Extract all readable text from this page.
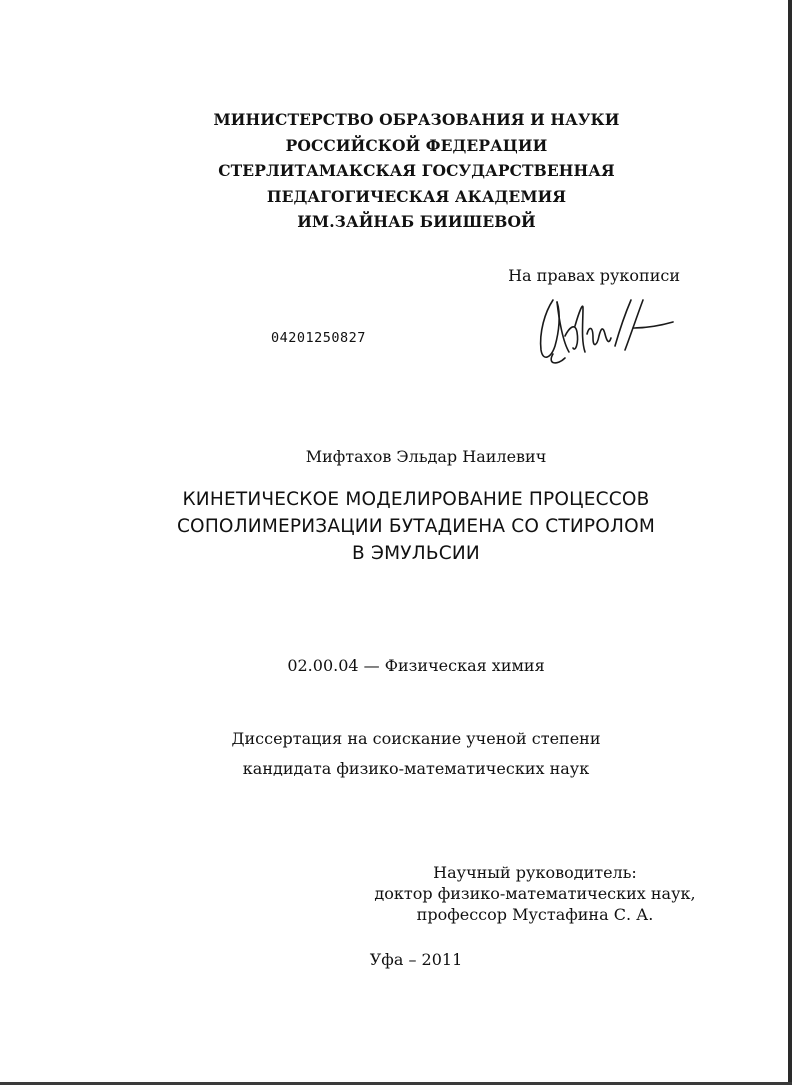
МИНИСТЕРСТВО ОБРАЗОВАНИЯ И НАУКИ
РОССИЙСКОЙ ФЕДЕРАЦИИ
СТЕРЛИТАМАКСКАЯ ГОСУДАРСТВЕННАЯ
ПЕДАГОГИЧЕСКАЯ АКАДЕМИЯ
ИМ.ЗАЙНАБ БИИШЕВОЙ
На правах рукописи
04201250827
Мифтахов Эльдар Наилевич
КИНЕТИЧЕСКОЕ МОДЕЛИРОВАНИЕ ПРОЦЕССОВ
СОПОЛИМЕРИЗАЦИИ БУТАДИЕНА СО СТИРОЛОМ
В ЭМУЛЬСИИ
02.00.04 — Физическая химия
Диссертация на соискание ученой степени
кандидата физико-математических наук
Научный руководитель:
доктор физико-математических наук,
профессор Мустафина С. А.
Уфа – 2011
